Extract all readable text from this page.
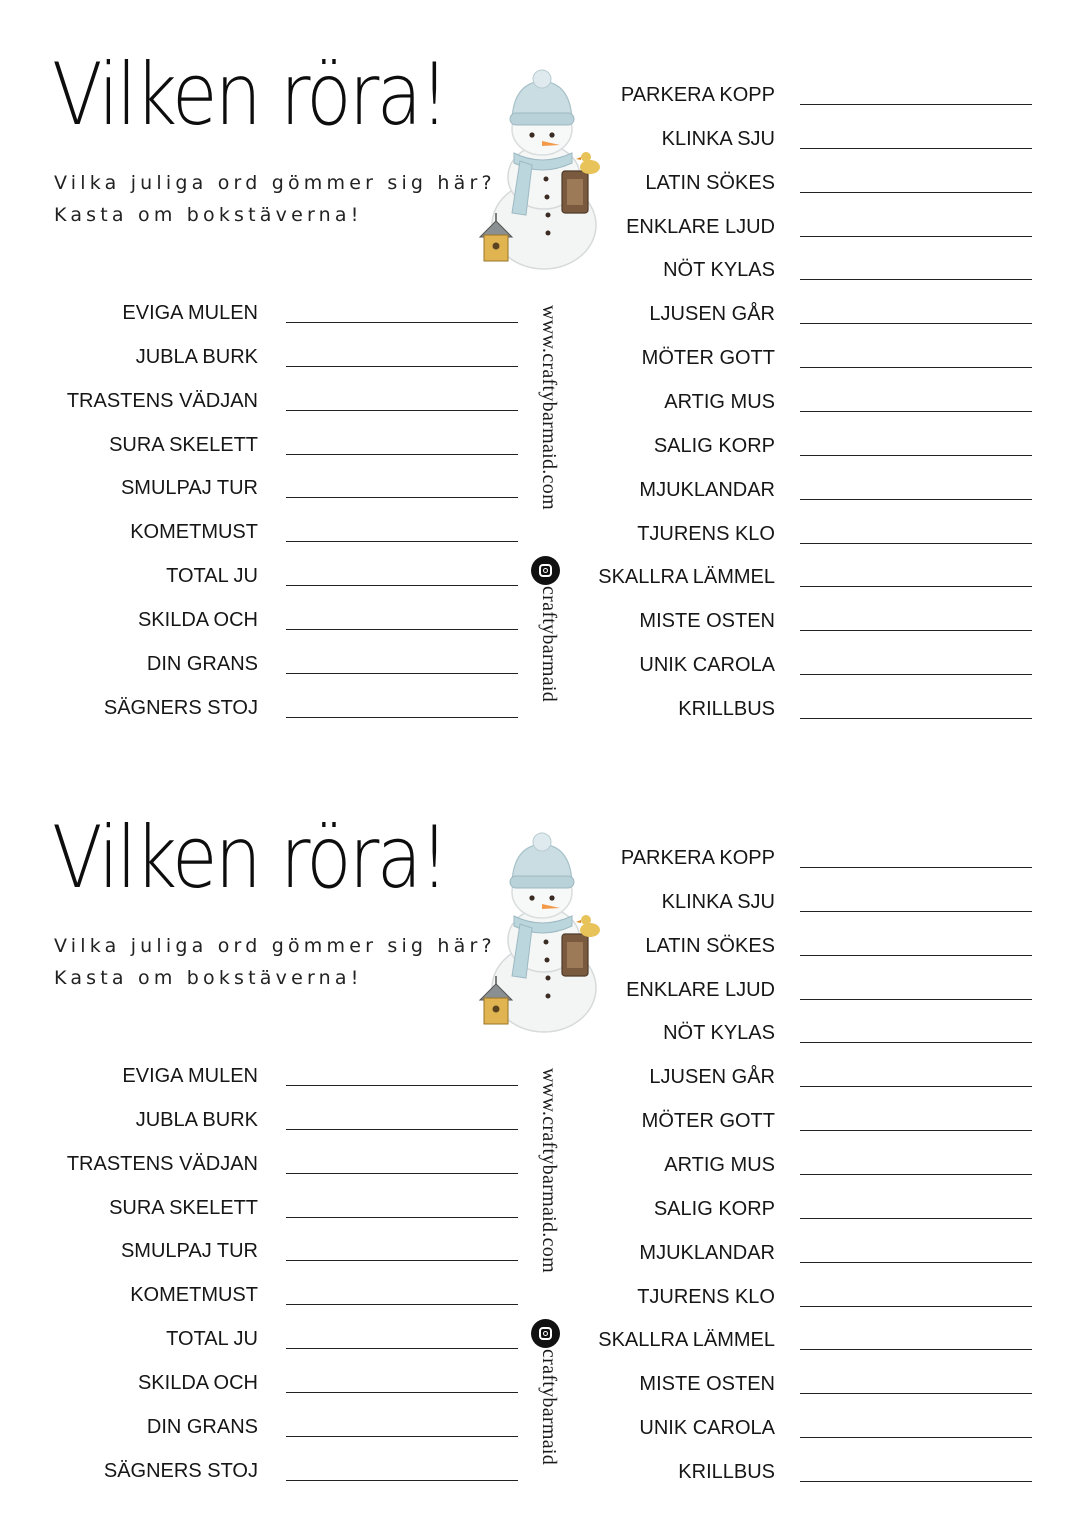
Vilken röra!
Vilka juliga ord gömmer sig här?
Kasta om bokstäverna!
www.craftybarmaid.com
craftybarmaid
EVIGA MULEN
JUBLA BURK
TRASTENS VÄDJAN
SURA SKELETT
SMULPAJ TUR
KOMETMUST
TOTAL JU
SKILDA OCH
DIN GRANS
SÄGNERS STOJ
PARKERA KOPP
KLINKA SJU
LATIN SÖKES
ENKLARE LJUD
NÖT KYLAS
LJUSEN GÅR
MÖTER GOTT
ARTIG MUS
SALIG KORP
MJUKLANDAR
TJURENS KLO
SKALLRA LÄMMEL
MISTE OSTEN
UNIK CAROLA
KRILLBUS
Vilken röra!
Vilka juliga ord gömmer sig här?
Kasta om bokstäverna!
www.craftybarmaid.com
craftybarmaid
EVIGA MULEN
JUBLA BURK
TRASTENS VÄDJAN
SURA SKELETT
SMULPAJ TUR
KOMETMUST
TOTAL JU
SKILDA OCH
DIN GRANS
SÄGNERS STOJ
PARKERA KOPP
KLINKA SJU
LATIN SÖKES
ENKLARE LJUD
NÖT KYLAS
LJUSEN GÅR
MÖTER GOTT
ARTIG MUS
SALIG KORP
MJUKLANDAR
TJURENS KLO
SKALLRA LÄMMEL
MISTE OSTEN
UNIK CAROLA
KRILLBUS
